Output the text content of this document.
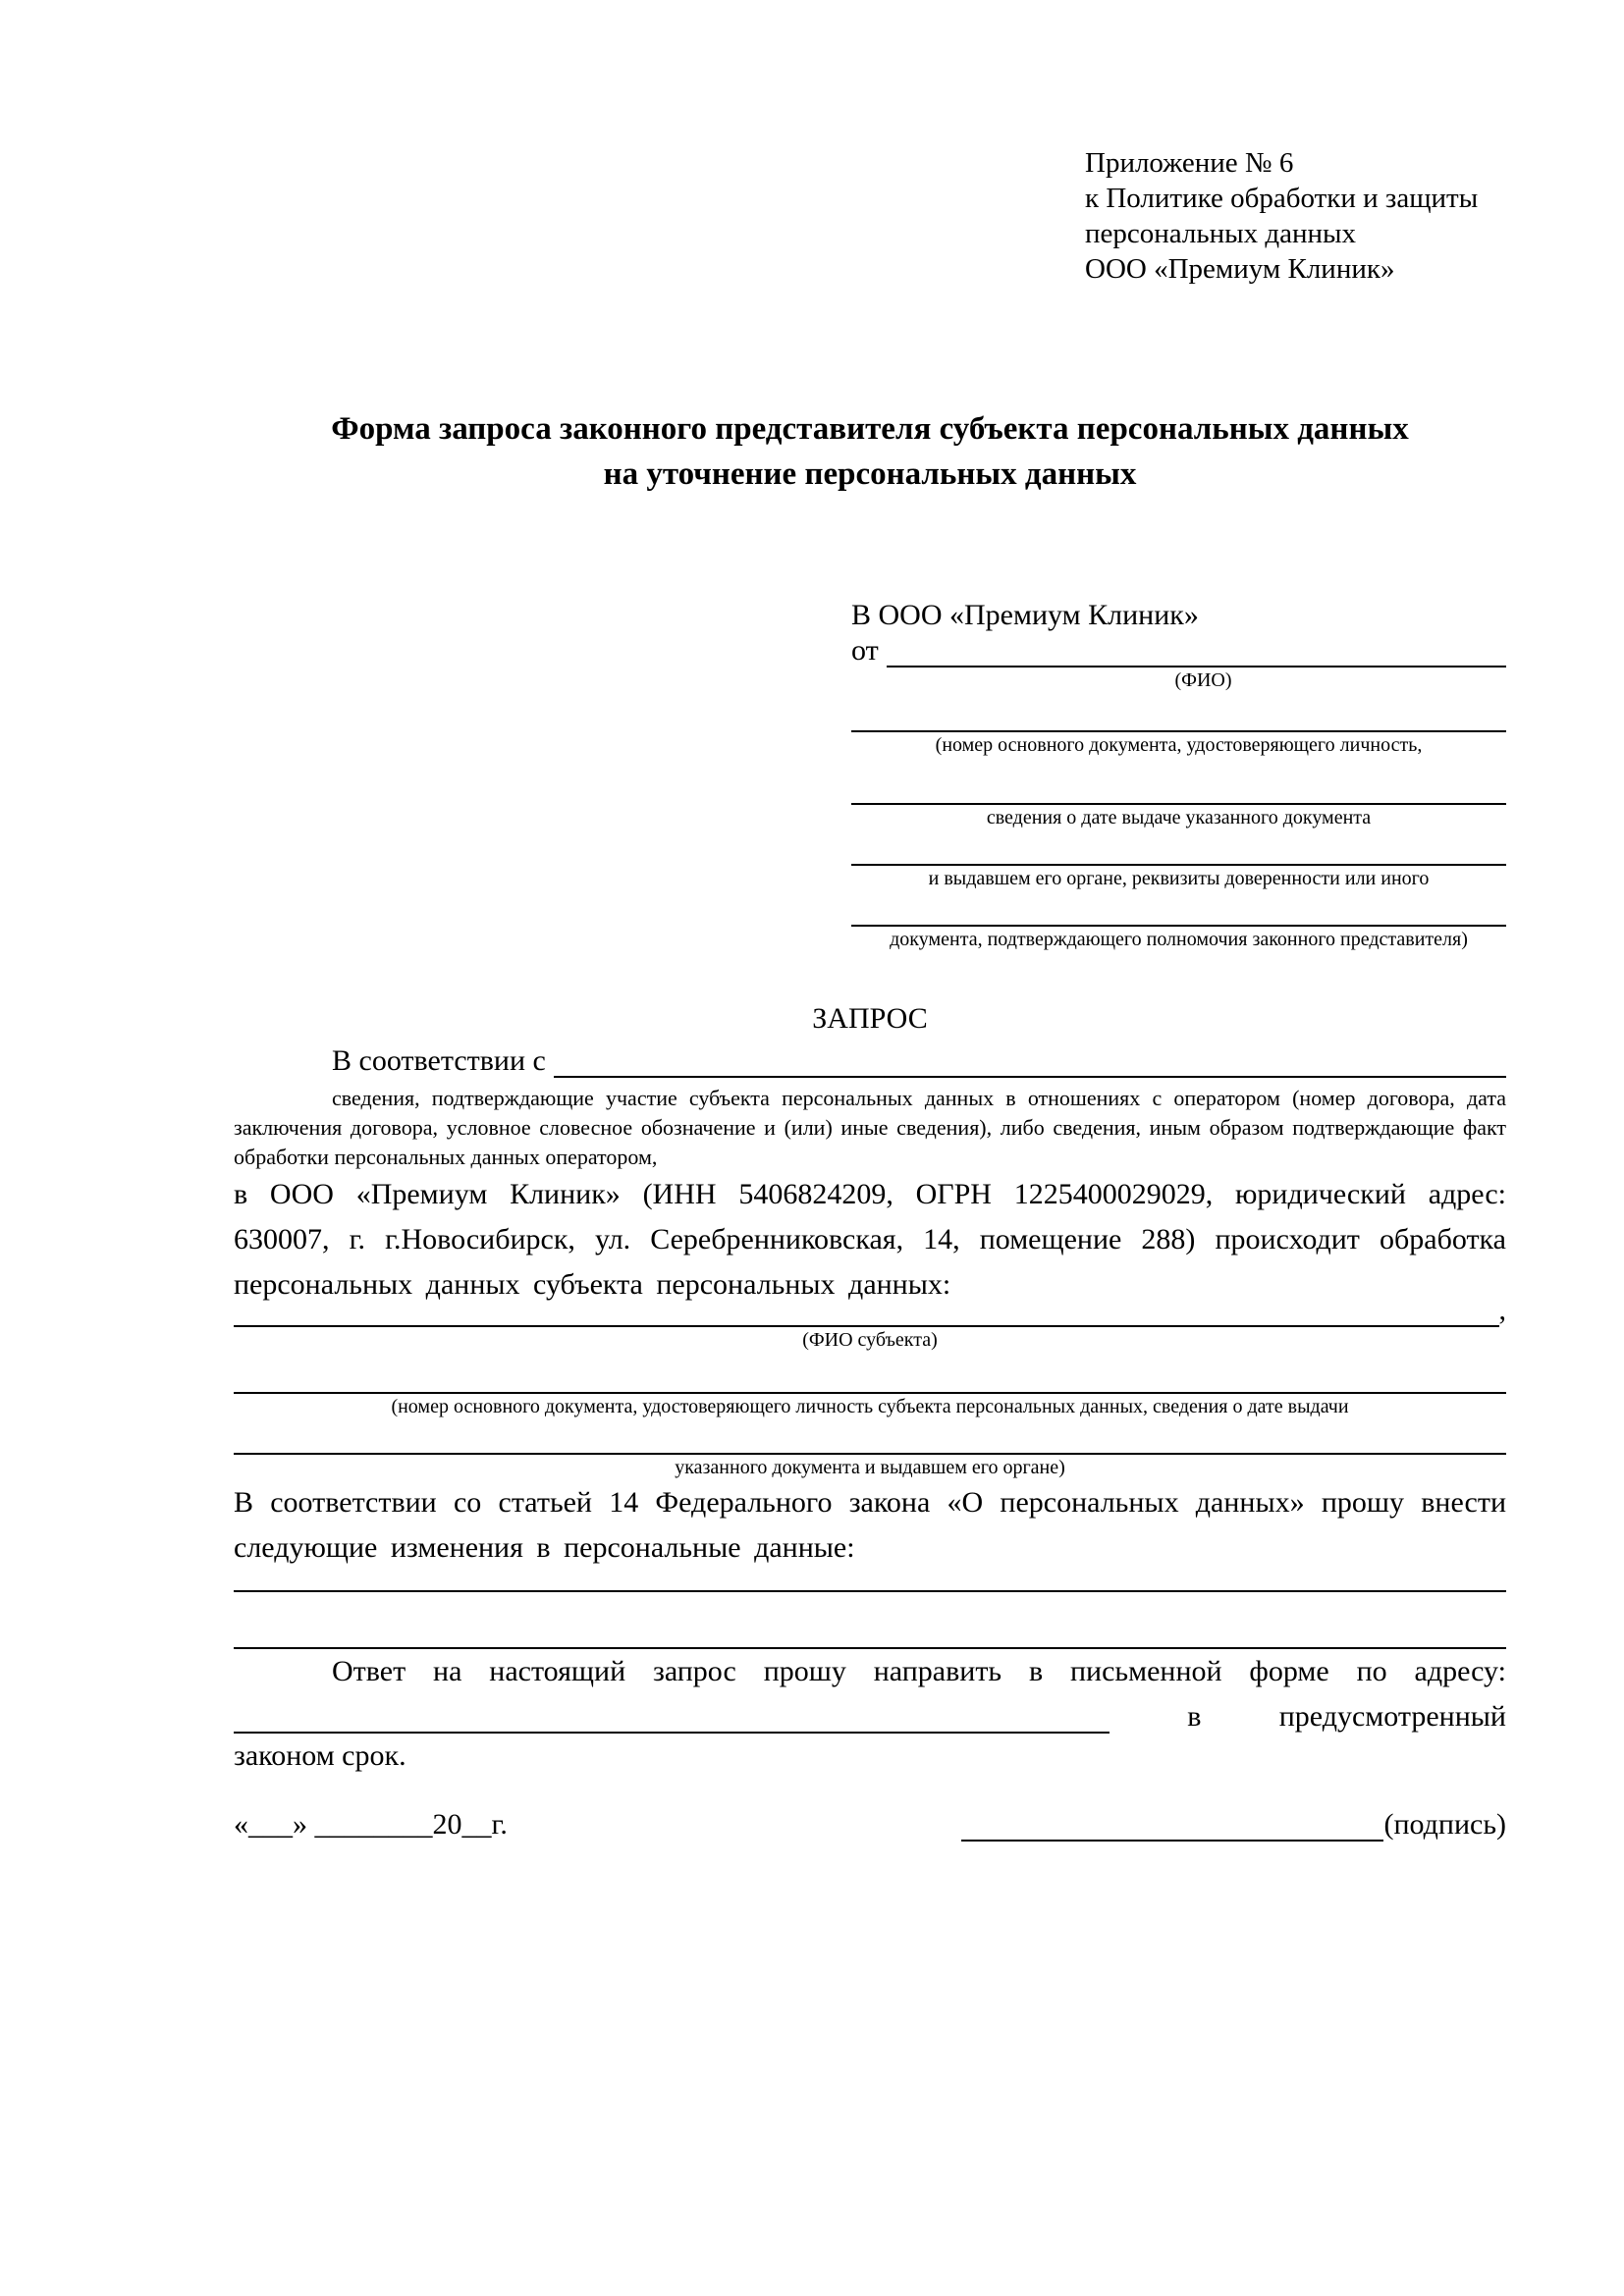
Приложение № 6
к Политике обработки и защиты
персональных данных
ООО «Премиум Клиник»
Форма запроса законного представителя субъекта персональных данных
на уточнение персональных данных
В ООО «Премиум Клиник»
от
(ФИО)
(номер основного документа, удостоверяющего личность,
сведения о дате выдаче указанного документа
и выдавшем его органе, реквизиты доверенности или иного
документа, подтверждающего полномочия законного представителя)
ЗАПРОС
В соответствии с
сведения, подтверждающие участие субъекта персональных данных в отношениях с оператором (номер договора, дата заключения договора, условное словесное обозначение и (или) иные сведения), либо сведения, иным образом подтверждающие факт обработки персональных данных оператором,
в ООО «Премиум Клиник» (ИНН 5406824209, ОГРН 1225400029029, юридический адрес: 630007, г. г.Новосибирск, ул. Серебренниковская, 14, помещение 288) происходит обработка персональных данных субъекта персональных данных:
,
(ФИО субъекта)
(номер основного документа, удостоверяющего личность субъекта персональных данных, сведения о дате выдачи
указанного документа и выдавшем его органе)
В соответствии со статьей 14 Федерального закона «О персональных данных» прошу внести следующие изменения в персональные данные:
Ответ на настоящий запрос прошу направить в письменной форме по адресу:
в	предусмотренный
законом срок.
«___» ________20__г.	(подпись)
